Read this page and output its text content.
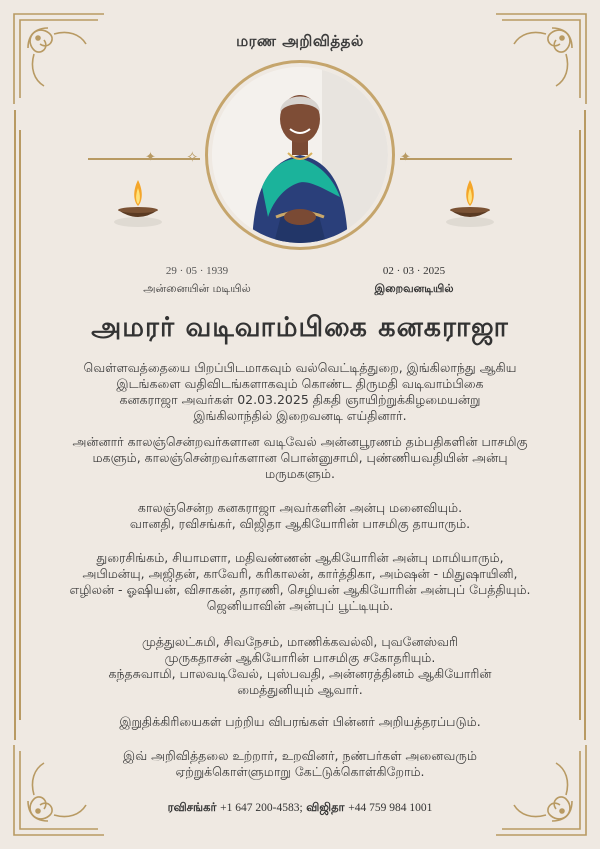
மரண அறிவித்தல்
✦	✦
✧
29 · 05 · 1939
அன்னையின் மடியில்
02 · 03 · 2025
இறைவனடியில்
அமரர் வடிவாம்பிகை கனகராஜா
வெள்ளவத்தையை பிறப்பிடமாகவும் வல்வெட்டித்துறை, இங்கிலாந்து ஆகிய
இடங்களை வதிவிடங்களாகவும் கொண்ட திருமதி வடிவாம்பிகை
கனகராஜா அவர்கள் 02.03.2025 திகதி ஞாயிற்றுக்கிழமையன்று
இங்கிலாந்தில் இறைவனடி எய்தினார்.
அன்னார் காலஞ்சென்றவர்களான வடிவேல் அன்னபூரணம் தம்பதிகளின் பாசமிகு
மகளும், காலஞ்சென்றவர்களான பொன்னுசாமி, புண்ணியவதியின் அன்பு
மருமகளும்.
காலஞ்சென்ற கனகராஜா அவர்களின் அன்பு மனைவியும்.
வானதி, ரவிசங்கர், விஜிதா ஆகியோரின் பாசமிகு தாயாரும்.
துரைசிங்கம், சியாமளா, மதிவண்ணன் ஆகியோரின் அன்பு மாமியாரும்,
அபிமன்யு, அஜிதன், காவேரி, கரிகாலன், கார்த்திகா, அம்ஷன் - மிதுஷாயினி,
எழிலன் - ஓஷியன், விசாகன், தாரணி, செழியன் ஆகியோரின் அன்புப் பேத்தியும்.
ஜெனியாவின் அன்புப் பூட்டியும்.
முத்துலட்சுமி, சிவநேசம், மாணிக்கவல்லி, புவனேஸ்வரி
முருகதாசன் ஆகியோரின் பாசமிகு சகோதரியும்.
கந்தசுவாமி, பாலவடிவேல், புஸ்பவதி, அன்னரத்தினம் ஆகியோரின்
மைத்துனியும் ஆவார்.
இறுதிக்கிரியைகள் பற்றிய விபரங்கள் பின்னர் அறியத்தரப்படும்.
இவ் அறிவித்தலை உற்றார், உறவினர், நண்பர்கள் அனைவரும்
ஏற்றுக்கொள்ளுமாறு கேட்டுக்கொள்கிறோம்.
ரவிசங்கர் +1 647 200-4583; விஜிதா +44 759 984 1001
